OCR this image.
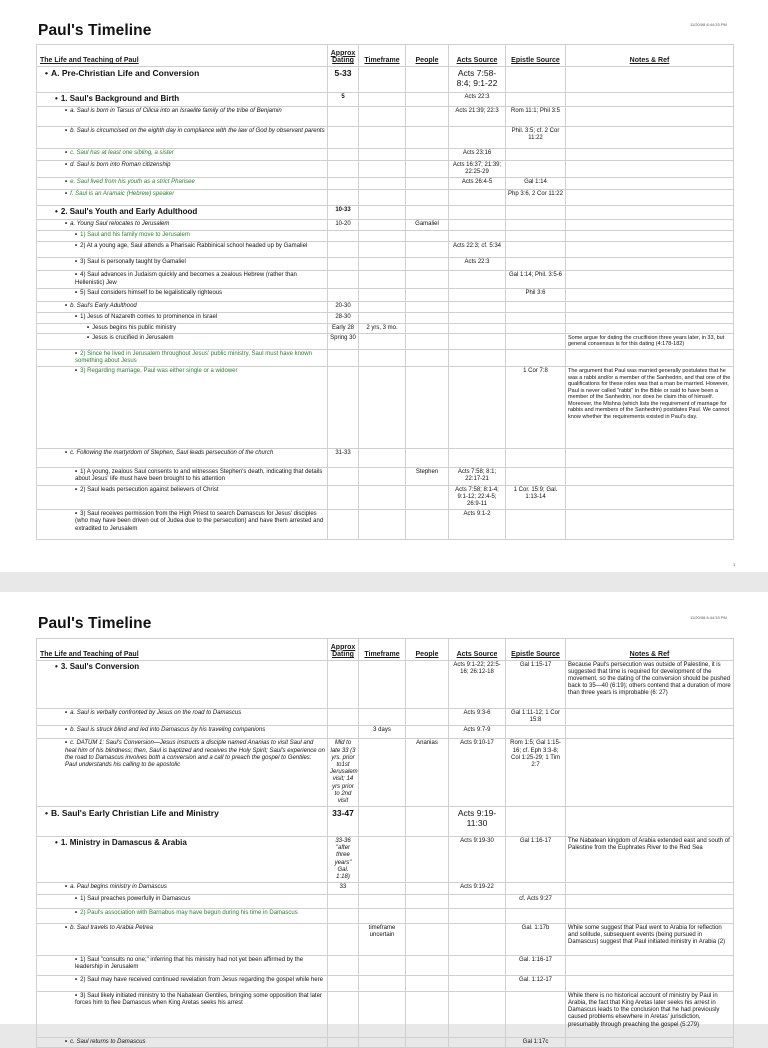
Paul's Timeline	11/20/08 8:44:33 PM
The Life and Teaching of Paul	Approx Dating	Timeframe	People	Acts Source	Epistle Source	Notes & Ref
• A. Pre-Christian Life and Conversion	5-33			Acts 7:58-8:4; 9:1-22		
• 1. Saul's Background and Birth	5			Acts 22:3		
• a. Saul is born in Tarsus of Cilicia into an Israelite family of the tribe of Benjamin				Acts 21:39; 22:3	Rom 11:1; Phil 3:5	
• b. Saul is circumcised on the eighth day in compliance with the law of God by observant parents					Phil. 3:5; cf. 2 Cor 11:22	
• c. Saul has at least one sibling, a sister				Acts 23:16		
• d. Saul is born into Roman citizenship				Acts 16:37; 21:39; 22:25-29		
• e. Saul lived from his youth as a strict Pharisee				Acts 26:4-5	Gal 1:14	
• f. Saul is an Aramaic (Hebrew) speaker					Php 3:6, 2 Cor 11:22	
• 2. Saul's Youth and Early Adulthood	10-33					
• a. Young Saul relocates to Jerusalem	10-20		Gamaliel			
• 1) Saul and his family move to Jerusalem						
• 2) At a young age, Saul attends a Pharisaic Rabbinical school headed up by Gamaliel				Acts 22:3; cf. 5:34		
• 3) Saul is personally taught by Gamaliel				Acts 22:3		
• 4) Saul advances in Judaism quickly and becomes a zealous Hebrew (rather than Hellenistic) Jew					Gal 1:14; Phil. 3:5-6	
• 5) Saul considers himself to be legalistically righteous					Phil 3:6	
• b. Saul's Early Adulthood	20-30					
• 1) Jesus of Nazareth comes to prominence in Israel	28-30					
• Jesus begins his public ministry	Early 28	2 yrs, 3 mo.				
• Jesus is crucified in Jerusalem	Spring 30					Some argue for dating the crucifixion three years later, in 33, but general consensus is for this dating (4:178-182)
• 2) Since he lived in Jerusalem throughout Jesus' public ministry, Saul must have known something about Jesus						
• 3) Regarding marriage, Paul was either single or a widower					1 Cor 7:8	The argument that Paul was married generally postulates that he was a rabbi and/or a member of the Sanhedrin, and that one of the qualifications for these roles was that a man be married. However, Paul is never called "rabbi" in the Bible or said to have been a member of the Sanhedrin, nor does he claim this of himself. Moreover, the Mishna (which lists the requirement of marriage for rabbis and members of the Sanhedrin) postdates Paul. We cannot know whether the requirements existed in Paul's day.
• c. Following the martyrdom of Stephen, Saul leads persecution of the church	31-33					
• 1) A young, zealous Saul consents to and witnesses Stephen's death, indicating that details about Jesus' life must have been brought to his attention			Stephen	Acts 7:58; 8:1; 22:17-21		
• 2) Saul leads persecution against believers of Christ				Acts 7:58; 8:1-4; 9:1-12; 22:4-5; 26:9-11	1 Cor. 15:9; Gal. 1:13-14	
• 3) Saul receives permission from the High Priest to search Damascus for Jesus' disciples (who may have been driven out of Judea due to the persecution) and have them arrested and extradited to Jerusalem				Acts 9:1-2		
1
Paul's Timeline	11/20/08 8:44:33 PM
The Life and Teaching of Paul	Approx Dating	Timeframe	People	Acts Source	Epistle Source	Notes & Ref
• 3. Saul's Conversion				Acts 9:1-22; 22:5-16; 26:12-18	Gal 1:15-17	Because Paul's persecution was outside of Palestine, it is suggested that time is required for development of the movement, so the dating of the conversion should be pushed back to 35—40 (6:19); others contend that a duration of more than three years is improbable (6: 27)
• a. Saul is verbally confronted by Jesus on the road to Damascus				Acts 9:3-6	Gal 1:11-12; 1 Cor 15:8	
• b. Saul is struck blind and led into Damascus by his traveling companions		3 days		Acts 9:7-9		
• c. DATUM 1: Saul's Conversion—Jesus instructs a disciple named Ananias to visit Saul and heal him of his blindness; then, Saul is baptized and receives the Holy Spirit; Saul's experience on the road to Damascus involves both a conversion and a call to preach the gospel to Gentiles: Paul understands his calling to be apostolic	Mid to late 33 (3 yrs. prior to1st Jerusalem visit; 14 yrs prior to 2nd visit		Ananias	Acts 9:10-17	Rom 1:5; Gal 1:15-16; cf. Eph 3:3-8; Col 1:25-29; 1 Tim 2:7	
• B. Saul's Early Christian Life and Ministry	33-47			Acts 9:19-11:30		
• 1. Ministry in Damascus & Arabia	33-36 "after three years" Gal. 1:18)			Acts 9:19-30	Gal 1:16-17	The Nabatean kingdom of Arabia extended east and south of Palestine from the Euphrates River to the Red Sea
• a. Paul begins ministry in Damascus	33			Acts 9:19-22		
• 1) Saul preaches powerfully in Damascus					cf. Acts 9:27	
• 2) Paul's association with Barnabus may have begun during his time in Damascus						
• b. Saul travels to Arabia Petrea		timeframe uncertain			Gal. 1:17b	While some suggest that Paul went to Arabia for reflection and solitude, subsequent events (being pursued in Damascus) suggest that Paul initiated ministry in Arabia (2)
• 1) Saul "consults no one;" inferring that his ministry had not yet been affirmed by the leadership in Jerusalem					Gal. 1:16-17	
• 2) Saul may have received continued revelation from Jesus regarding the gospel while here					Gal. 1:12-17	
• 3) Saul likely initiated ministry to the Nabatean Gentiles, bringing some opposition that later forces him to flee Damascus when King Aretas seeks his arrest						While there is no historical account of ministry by Paul in Arabia, the fact that King Aretas later seeks his arrest in Damascus leads to the conclusion that he had previously caused problems elsewhere in Aretas' jurisdiction, presumably through preaching the gospel (5:279)
• c. Saul returns to Damascus					Gal 1:17c	
